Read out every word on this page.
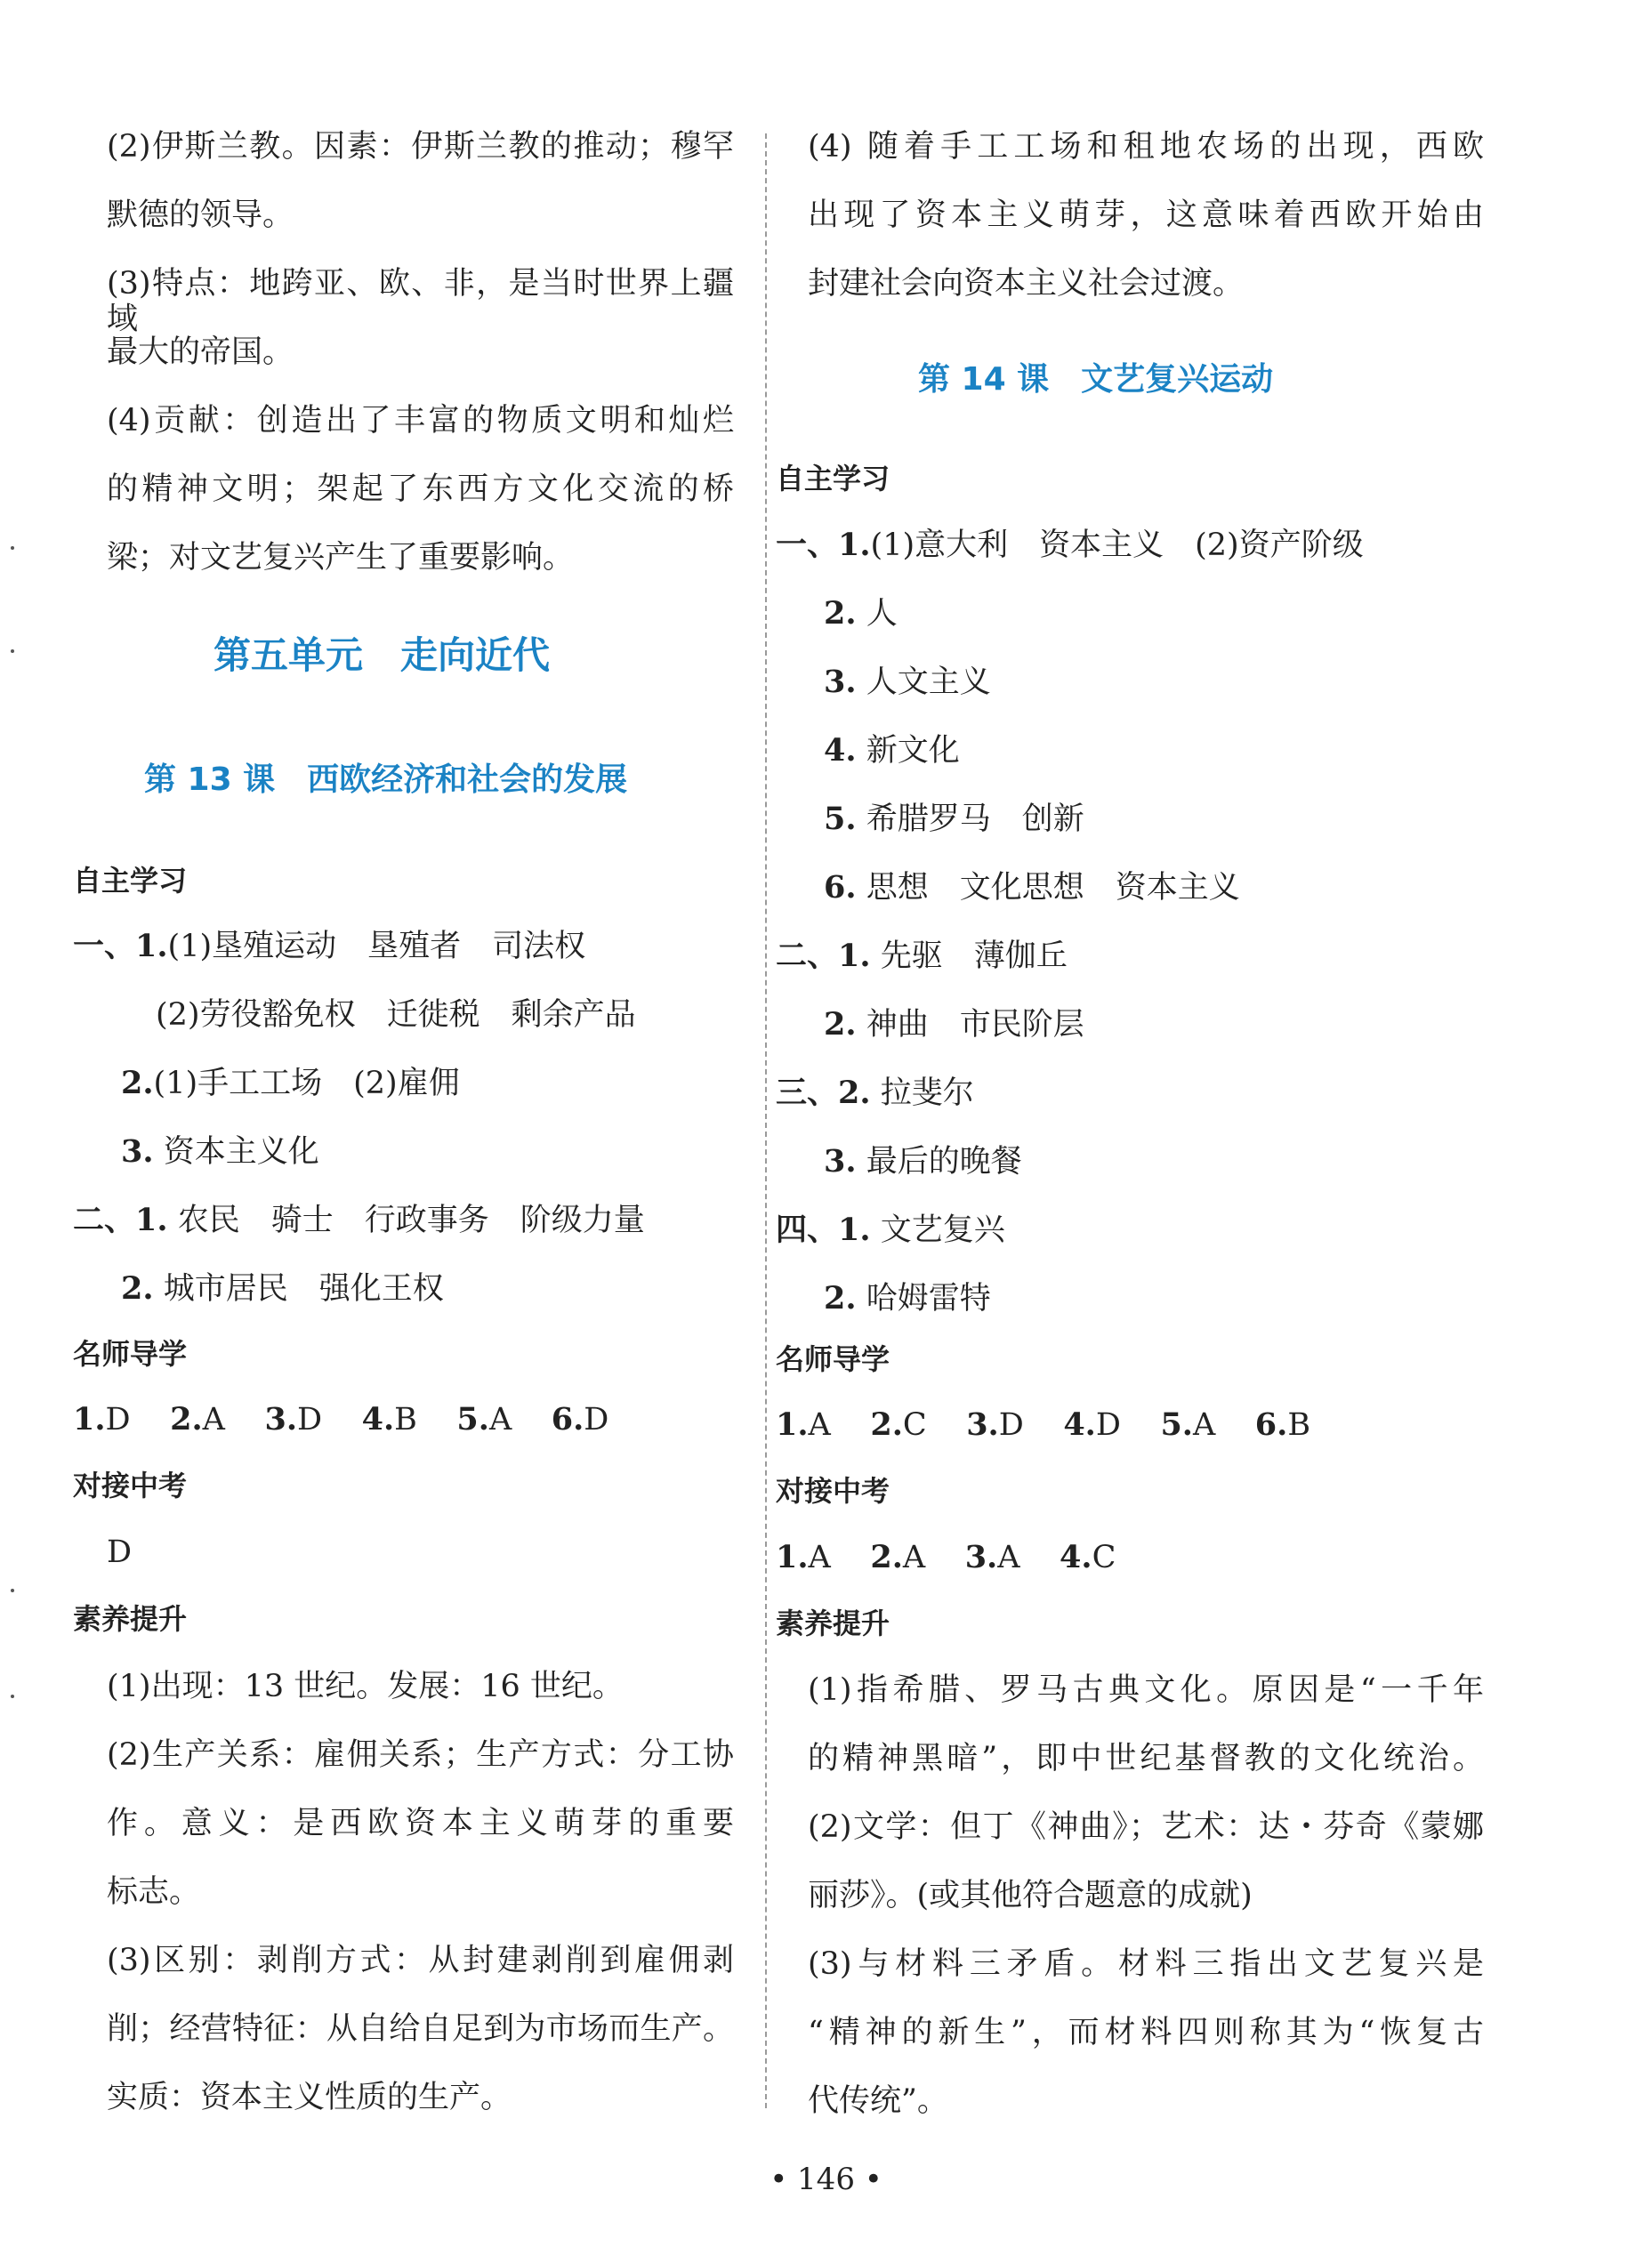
(2)伊斯兰教。因素：伊斯兰教的推动；穆罕
默德的领导。
(3)特点：地跨亚、欧、非，是当时世界上疆域
最大的帝国。
(4)贡献：创造出了丰富的物质文明和灿烂
的精神文明；架起了东西方文化交流的桥
梁；对文艺复兴产生了重要影响。
第五单元　走向近代
第 13 课　西欧经济和社会的发展
自主学习
一、1.(1)垦殖运动　垦殖者　司法权
(2)劳役豁免权　迁徙税　剩余产品
2.(1)手工工场　(2)雇佣
3. 资本主义化
二、1. 农民　骑士　行政事务　阶级力量
2. 城市居民　强化王权
名师导学
1.D 2.A 3.D 4.B 5.A 6.D
对接中考
D
素养提升
(1)出现：13 世纪。发展：16 世纪。
(2)生产关系：雇佣关系；生产方式：分工协
作。意义：是西欧资本主义萌芽的重要
标志。
(3)区别：剥削方式：从封建剥削到雇佣剥
削；经营特征：从自给自足到为市场而生产。
实质：资本主义性质的生产。
(4) 随着手工工场和租地农场的出现，西欧
出现了资本主义萌芽，这意味着西欧开始由
封建社会向资本主义社会过渡。
第 14 课　文艺复兴运动
自主学习
一、1.(1)意大利　资本主义　(2)资产阶级
2. 人
3. 人文主义
4. 新文化
5. 希腊罗马　创新
6. 思想　文化思想　资本主义
二、1. 先驱　薄伽丘
2. 神曲　市民阶层
三、2. 拉斐尔
3. 最后的晚餐
四、1. 文艺复兴
2. 哈姆雷特
名师导学
1.A 2.C 3.D 4.D 5.A 6.B
对接中考
1.A 2.A 3.A 4.C
素养提升
(1)指希腊、罗马古典文化。原因是“一千年
的精神黑暗”，即中世纪基督教的文化统治。
(2)文学：但丁《神曲》；艺术：达・芬奇《蒙娜
丽莎》。(或其他符合题意的成就)
(3)与材料三矛盾。材料三指出文艺复兴是
“精神的新生”，而材料四则称其为“恢复古
代传统”。
• 146 •
